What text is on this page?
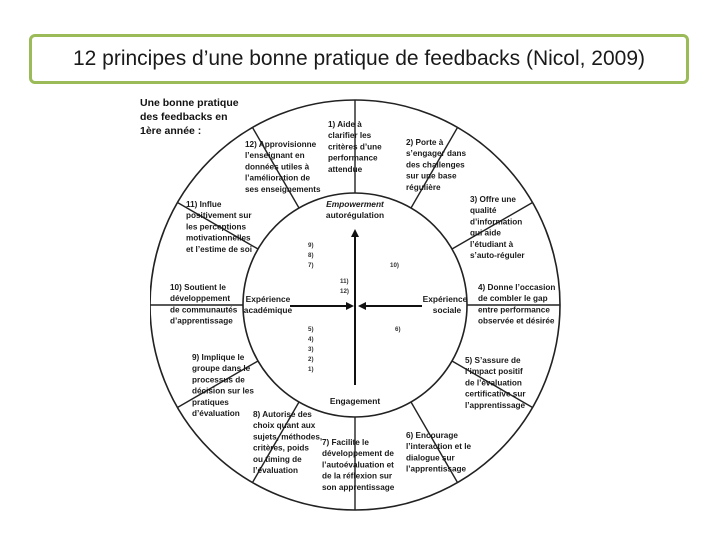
12 principes d’une bonne pratique de feedbacks (Nicol, 2009)
Une bonne pratique
des feedbacks en
1ère année :
1) Aide à clarifier les critères d’une performance attendue
2) Porte à s’engager dans des challenges sur une base régulière
3) Offre une qualité d’information qui aide l’étudiant à s’auto-réguler
4) Donne l’occasion de combler le gap entre performance observée et désirée
5) S’assure de l’impact positif de l’évaluation certificative sur l’apprentissage
6) Encourage l’interaction et le dialogue sur l’apprentissage
7) Facilite le développement de l’autoévaluation et de la réflexion sur son apprentissage
8) Autorise des choix quant aux sujets, méthodes, critères, poids ou timing de l’évaluation
9) Implique le groupe dans le processus de décision sur les pratiques d’évaluation
10) Soutient le développement de communautés d’apprentissage
11) Influe positivement sur les perceptions motivationnelles et l’estime de soi
12) Approvisionne l’enseignant en données utiles à l’amélioration de ses enseignements
Empowerment
autorégulation
Engagement
Expérience
académique
Expérience
sociale
9)
8)
7)	10)
11)
12)
5)
4)
3)
2)
1)
6)
